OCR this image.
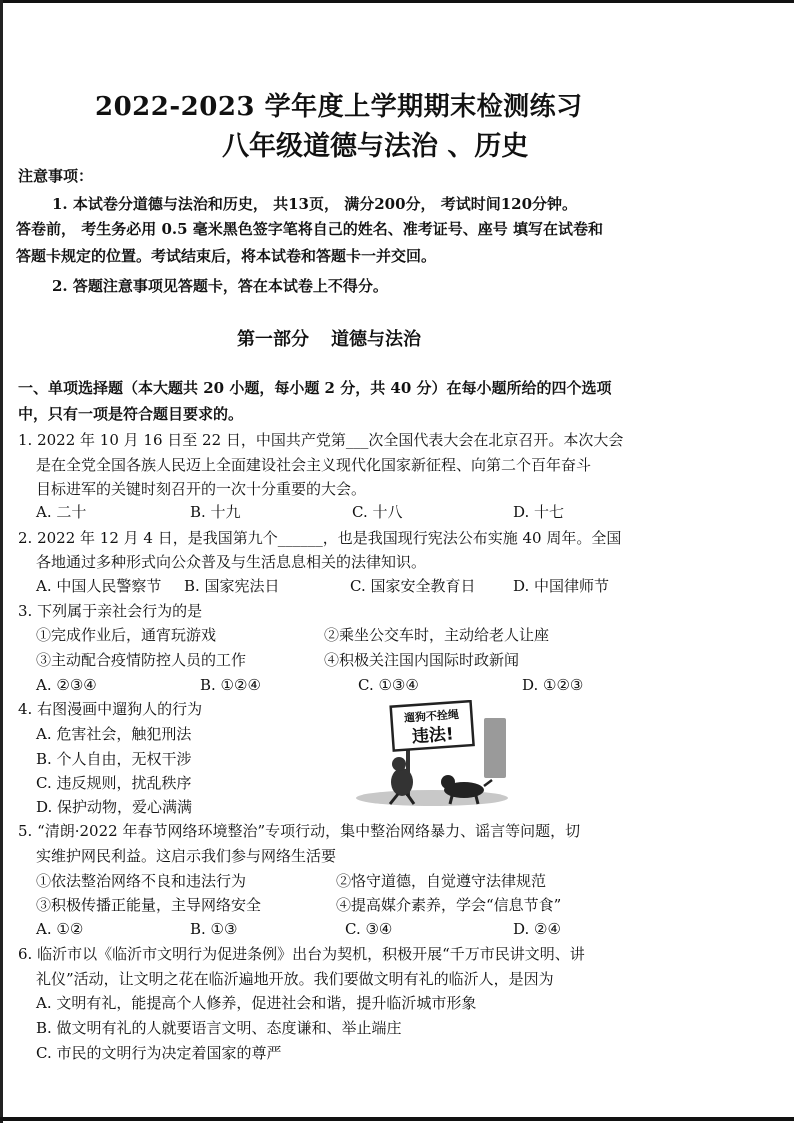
2022-2023 学年度上学期期末检测练习
八年级道德与法治 、历史
注意事项：
1. 本试卷分道德与法治和历史， 共13页， 满分200分， 考试时间120分钟。
答卷前， 考生务必用 0.5 毫米黑色签字笔将自己的姓名、准考证号、座号 填写在试卷和
答题卡规定的位置。考试结束后，将本试卷和答题卡一并交回。
2. 答题注意事项见答题卡，答在本试卷上不得分。
第一部分 道德与法治
一、单项选择题（本大题共 20 小题，每小题 2 分，共 40 分）在每小题所给的四个选项
中，只有一项是符合题目要求的。
1. 2022 年 10 月 16 日至 22 日，中国共产党第___次全国代表大会在北京召开。本次大会
是在全党全国各族人民迈上全面建设社会主义现代化国家新征程、向第二个百年奋斗
目标进军的关键时刻召开的一次十分重要的大会。
A. 二十	B. 十九	C. 十八	D. 十七
2. 2022 年 12 月 4 日，是我国第九个______，也是我国现行宪法公布实施 40 周年。全国
各地通过多种形式向公众普及与生活息息相关的法律知识。
A. 中国人民警察节 B. 国家宪法日	C. 国家安全教育日	D. 中国律师节
3. 下列属于亲社会行为的是
①完成作业后，通宵玩游戏	②乘坐公交车时，主动给老人让座
③主动配合疫情防控人员的工作	④积极关注国内国际时政新闻
A. ②③④	B. ①②④	C. ①③④	D. ①②③
4. 右图漫画中遛狗人的行为
A. 危害社会，触犯刑法
B. 个人自由，无权干涉
C. 违反规则，扰乱秩序
D. 保护动物，爱心满满
遛狗不拴绳
违法!
5. “清朗·2022 年春节网络环境整治”专项行动，集中整治网络暴力、谣言等问题，切
实维护网民利益。这启示我们参与网络生活要
①依法整治网络不良和违法行为	②恪守道德，自觉遵守法律规范
③积极传播正能量，主导网络安全	④提高媒介素养，学会“信息节食”
A. ①②	B. ①③	C. ③④	D. ②④
6. 临沂市以《临沂市文明行为促进条例》出台为契机，积极开展“千万市民讲文明、讲
礼仪”活动，让文明之花在临沂遍地开放。我们要做文明有礼的临沂人，是因为
A. 文明有礼，能提高个人修养，促进社会和谐，提升临沂城市形象
B. 做文明有礼的人就要语言文明、态度谦和、举止端庄
C. 市民的文明行为决定着国家的尊严
